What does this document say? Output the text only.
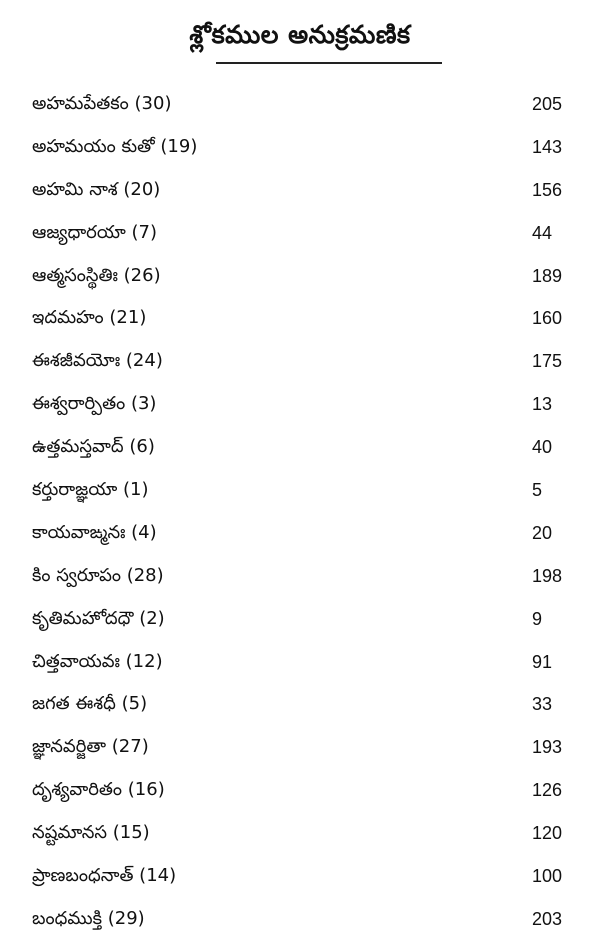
శ్లోకముల అనుక్రమణిక
అహమపేతకం (30)	205
అహమయం కుతో (19)	143
అహమి నాశ (20)	156
ఆజ్యధారయా (7)	44
ఆత్మసంస్థితిః (26)	189
ఇదమహం (21)	160
ఈశజీవయోః (24)	175
ఈశ్వరార్పితం (3)	13
ఉత్తమస్తవాద్ (6)	40
కర్తురాజ్ఞయా (1)	5
కాయవాఙ్మనః (4)	20
కిం స్వరూపం (28)	198
కృతిమహోదధౌ (2)	9
చిత్తవాయవః (12)	91
జగత ఈశధీ (5)	33
జ్ఞానవర్జితా (27)	193
దృశ్యవారితం (16)	126
నష్టమానస (15)	120
ప్రాణబంధనాత్ (14)	100
బంధముక్తి (29)	203
